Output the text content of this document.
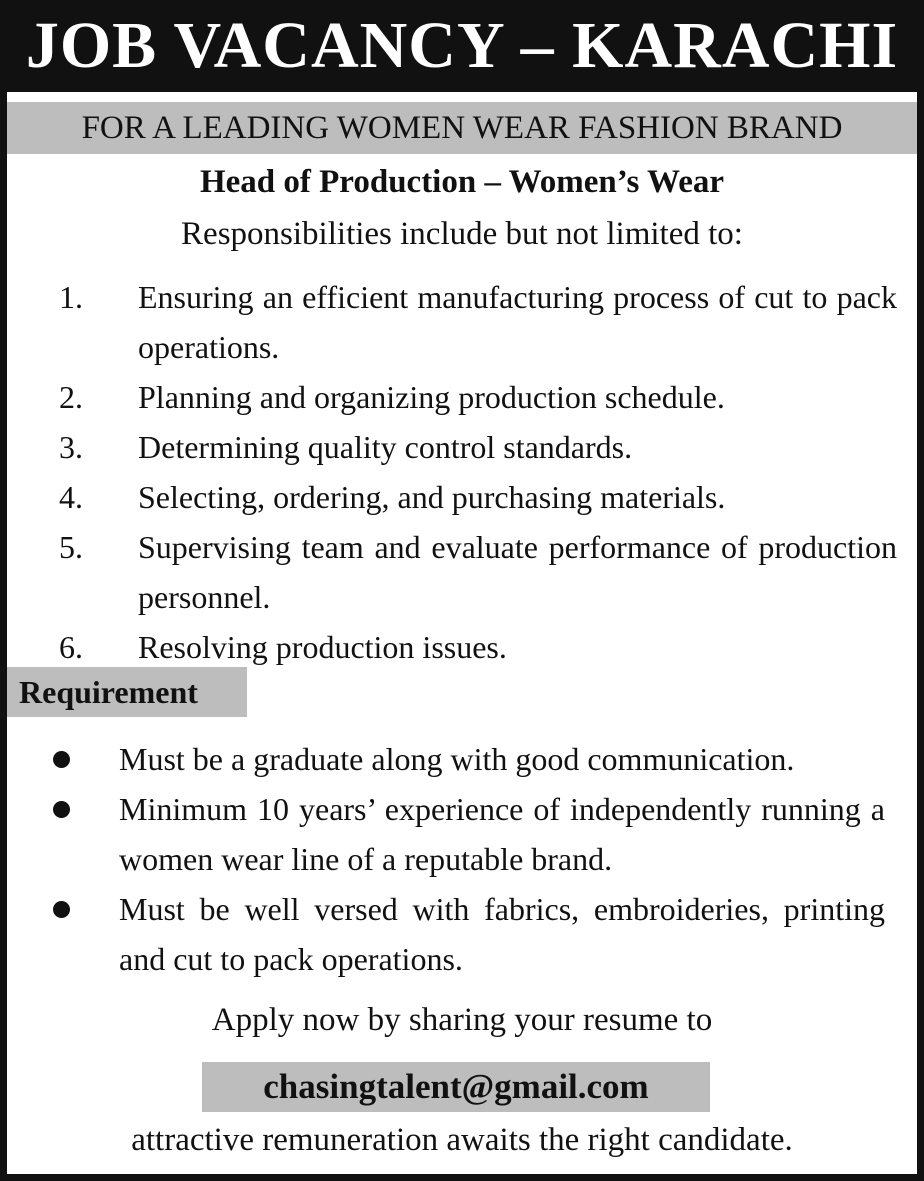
JOB VACANCY – KARACHI
FOR A LEADING WOMEN WEAR FASHION BRAND
Head of Production – Women’s Wear
Responsibilities include but not limited to:
1. Ensuring an efficient manufacturing process of cut to pack operations.
2. Planning and organizing production schedule.
3. Determining quality control standards.
4. Selecting, ordering, and purchasing materials.
5. Supervising team and evaluate performance of production personnel.
6. Resolving production issues.
Requirement
Must be a graduate along with good communication.
Minimum 10 years’ experience of independently running a women wear line of a reputable brand.
Must be well versed with fabrics, embroideries, printing and cut to pack operations.
Apply now by sharing your resume to
chasingtalent@gmail.com
attractive remuneration awaits the right candidate.
